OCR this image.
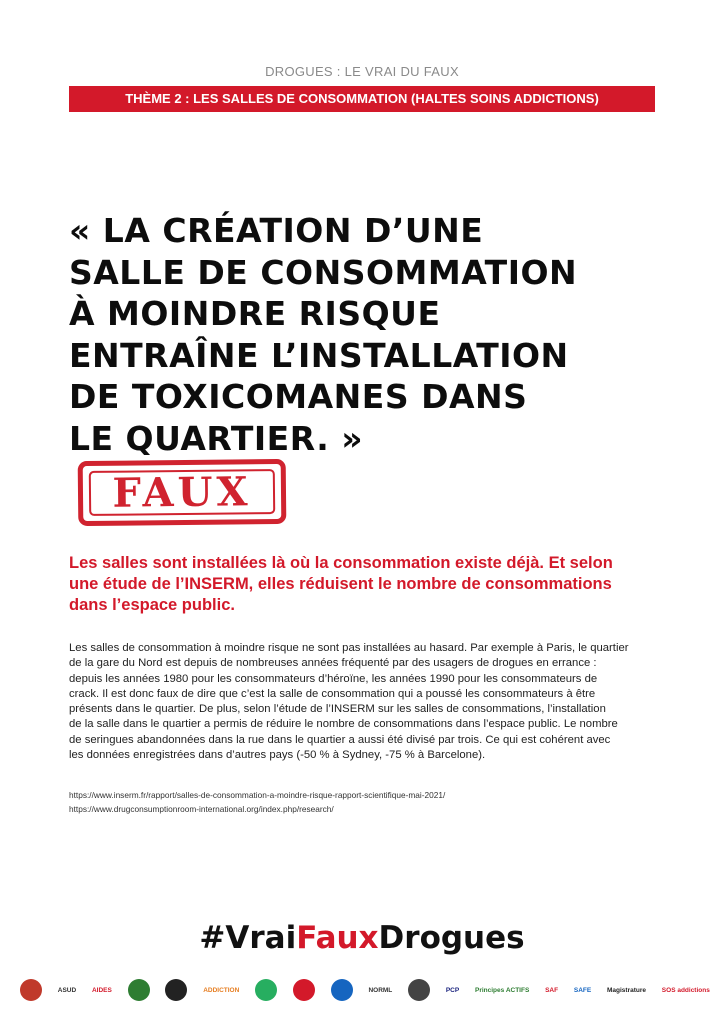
DROGUES : LE VRAI DU FAUX
THÈME 2 : LES SALLES DE CONSOMMATION (HALTES SOINS ADDICTIONS)
« LA CRÉATION D’UNE
SALLE DE CONSOMMATION
À MOINDRE RISQUE
ENTRAÎNE L’INSTALLATION
DE TOXICOMANES DANS
LE QUARTIER. »
FAUX
Les salles sont installées là où la consommation existe déjà. Et selon
une étude de l’INSERM, elles réduisent le nombre de consommations
dans l’espace public.
Les salles de consommation à moindre risque ne sont pas installées au hasard. Par exemple à Paris, le quartier
de la gare du Nord est depuis de nombreuses années fréquenté par des usagers de drogues en errance :
depuis les années 1980 pour les consommateurs d’héroïne, les années 1990 pour les consommateurs de
crack. Il est donc faux de dire que c’est la salle de consommation qui a poussé les consommateurs à être
présents dans le quartier. De plus, selon l’étude de l’INSERM sur les salles de consommations, l’installation
de la salle dans le quartier a permis de réduire le nombre de consommations dans l’espace public. Le nombre
de seringues abandonnées dans la rue dans le quartier a aussi été divisé par trois. Ce qui est cohérent avec
les données enregistrées dans d’autres pays (-50 % à Sydney, -75 % à Barcelone).
https://www.inserm.fr/rapport/salles-de-consommation-a-moindre-risque-rapport-scientifique-mai-2021/
https://www.drugconsumptionroom-international.org/index.php/research/
#VraiFauxDrogues
ASUD AIDES	ADDICTION	NORML	PCP Principes ACTIFS SAF SAFE Magistrature SOS addictions
